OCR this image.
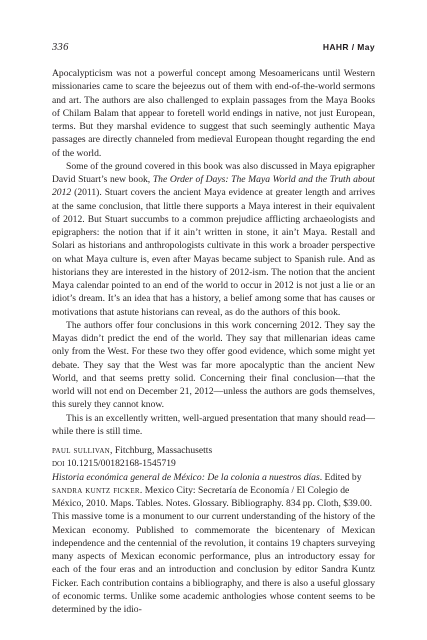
336	HAHR / May

Apocalypticism was not a powerful concept among Mesoamericans until Western missionaries came to scare the bejeezus out of them with end-of-the-world sermons and art. The authors are also challenged to explain passages from the Maya Books of Chilam Balam that appear to foretell world endings in native, not just European, terms. But they marshal evidence to suggest that such seemingly authentic Maya passages are directly channeled from medieval European thought regarding the end of the world.

Some of the ground covered in this book was also discussed in Maya epigrapher David Stuart’s new book, The Order of Days: The Maya World and the Truth about 2012 (2011). Stuart covers the ancient Maya evidence at greater length and arrives at the same conclusion, that little there supports a Maya interest in their equivalent of 2012. But Stuart succumbs to a common prejudice afflicting archaeologists and epigraphers: the notion that if it ain’t written in stone, it ain’t Maya. Restall and Solari as historians and anthropologists cultivate in this work a broader perspective on what Maya culture is, even after Mayas became subject to Spanish rule. And as historians they are interested in the history of 2012-ism. The notion that the ancient Maya calendar pointed to an end of the world to occur in 2012 is not just a lie or an idiot’s dream. It’s an idea that has a history, a belief among some that has causes or motivations that astute historians can reveal, as do the authors of this book.

The authors offer four conclusions in this work concerning 2012. They say the Mayas didn’t predict the end of the world. They say that millenarian ideas came only from the West. For these two they offer good evidence, which some might yet debate. They say that the West was far more apocalyptic than the ancient New World, and that seems pretty solid. Concerning their final conclusion—that the world will not end on December 21, 2012—unless the authors are gods themselves, this surely they cannot know.

This is an excellently written, well-argued presentation that many should read—while there is still time.

paul sullivan, Fitchburg, Massachusetts
doi 10.1215/00182168-1545719

Historia económica general de México: De la colonia a nuestros días. Edited by sandra kuntz ficker. Mexico City: Secretaría de Economía / El Colegio de México, 2010. Maps. Tables. Notes. Glossary. Bibliography. 834 pp. Cloth, $39.00.

This massive tome is a monument to our current understanding of the history of the Mexican economy. Published to commemorate the bicentenary of Mexican independence and the centennial of the revolution, it contains 19 chapters surveying many aspects of Mexican economic performance, plus an introductory essay for each of the four eras and an introduction and conclusion by editor Sandra Kuntz Ficker. Each contribution contains a bibliography, and there is also a useful glossary of economic terms. Unlike some academic anthologies whose content seems to be determined by the idio-
